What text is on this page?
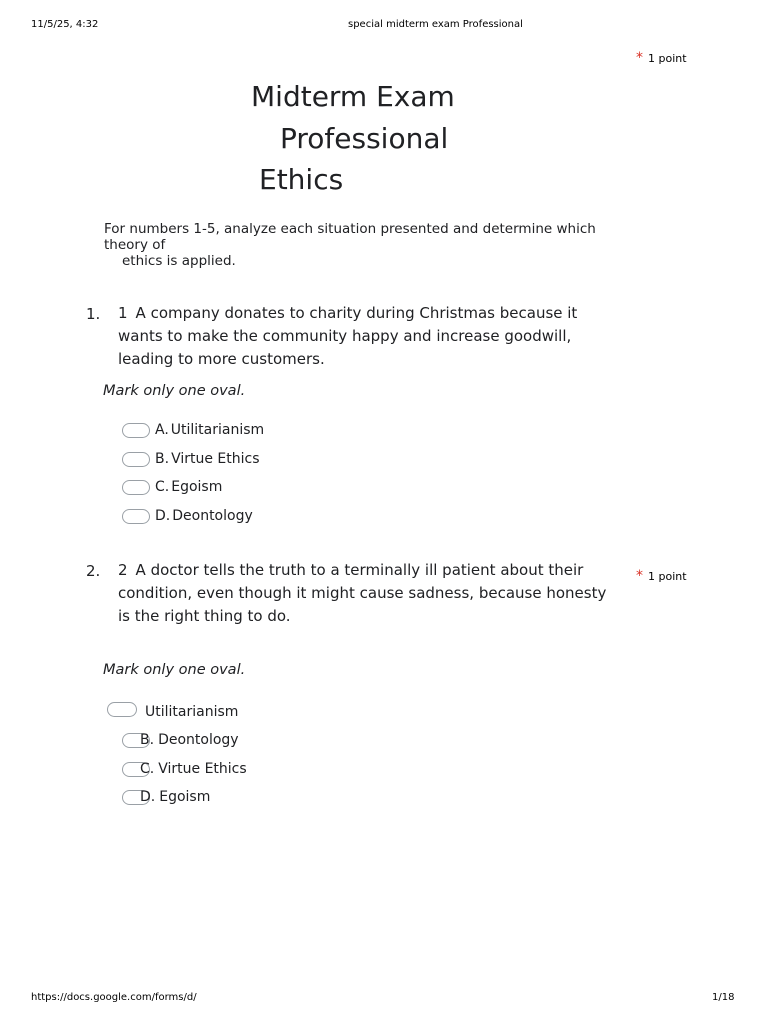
11/5/25, 4:32	special midterm exam Professional
* 1 point
Midterm Exam
Professional
Ethics
For numbers 1-5, analyze each situation presented and determine which
theory of
ethics is applied.
1. 1 A company donates to charity during Christmas because it
wants to make the community happy and increase goodwill,
leading to more customers.
Mark only one oval.
A. Utilitarianism
B. Virtue Ethics
C. Egoism
D. Deontology
2. 2 A doctor tells the truth to a terminally ill patient about their
condition, even though it might cause sadness, because honesty
is the right thing to do.
* 1 point
Mark only one oval.
Utilitarianism
B. Deontology
C. Virtue Ethics
D. Egoism
https://docs.google.com/forms/d/	1/18
